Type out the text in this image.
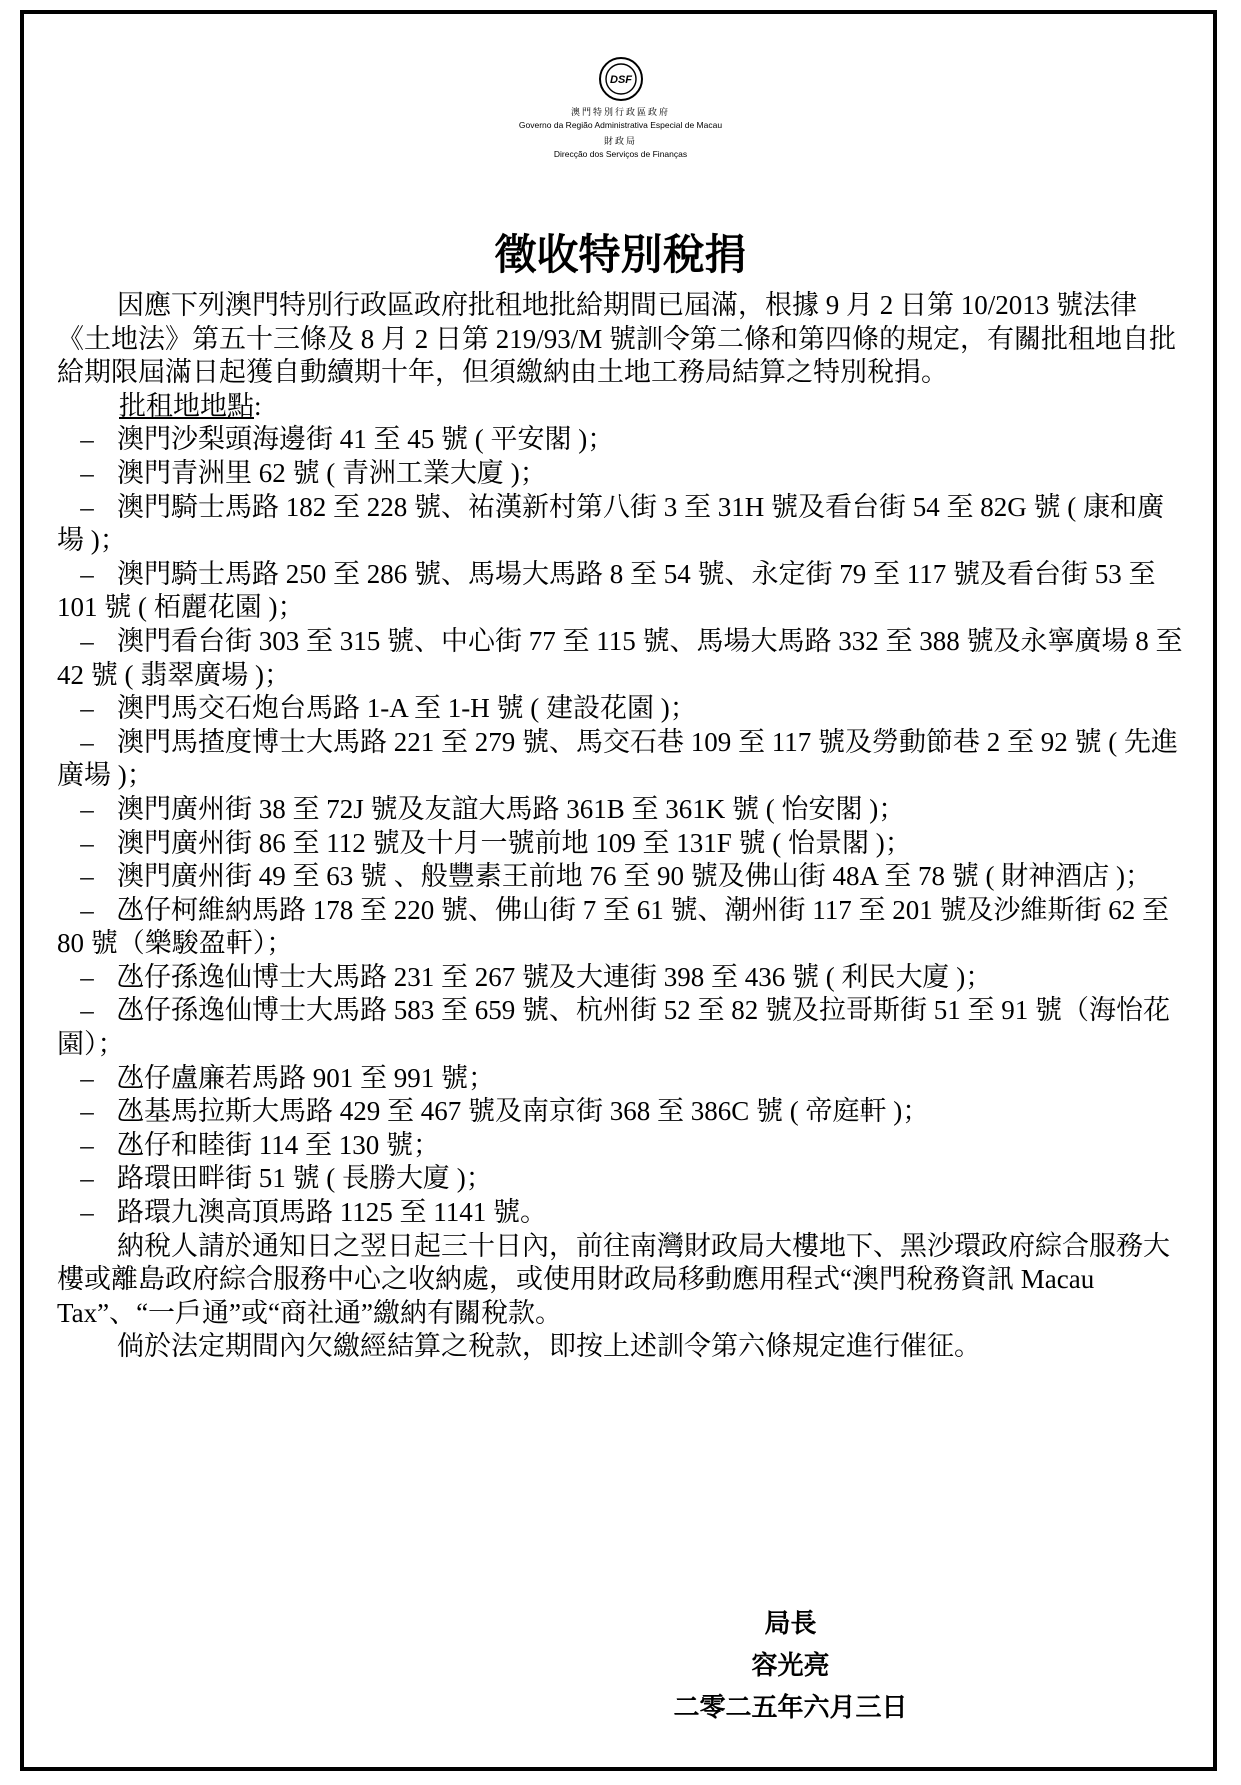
DSF
澳門特別行政區政府
Governo da Região Administrativa Especial de Macau
財政局
Direcção dos Serviços de Finanças
徵收特別稅捐

因應下列澳門特別行政區政府批租地批給期間已屆滿，根據 9 月 2 日第 10/2013 號法律《土地法》第五十三條及 8 月 2 日第 219/93/M 號訓令第二條和第四條的規定，有關批租地自批給期限屆滿日起獲自動續期十年，但須繳納由土地工務局結算之特別稅捐。

批租地地點:

– 澳門沙梨頭海邊街 41 至 45 號 ( 平安閣 )；

– 澳門青洲里 62 號 ( 青洲工業大廈 )；

– 澳門騎士馬路 182 至 228 號、祐漢新村第八街 3 至 31H 號及看台街 54 至 82G 號 ( 康和廣場 )；

– 澳門騎士馬路 250 至 286 號、馬場大馬路 8 至 54 號、永定街 79 至 117 號及看台街 53 至 101 號 ( 栢麗花園 )；

– 澳門看台街 303 至 315 號、中心街 77 至 115 號、馬場大馬路 332 至 388 號及永寧廣場 8 至 42 號 ( 翡翠廣場 )；

– 澳門馬交石炮台馬路 1-A 至 1-H 號 ( 建設花園 )；

– 澳門馬揸度博士大馬路 221 至 279 號、馬交石巷 109 至 117 號及勞動節巷 2 至 92 號 ( 先進廣場 )；

– 澳門廣州街 38 至 72J 號及友誼大馬路 361B 至 361K 號 ( 怡安閣 )；

– 澳門廣州街 86 至 112 號及十月一號前地 109 至 131F 號 ( 怡景閣 )；

– 澳門廣州街 49 至 63 號 、般豐素王前地 76 至 90 號及佛山街 48A 至 78 號 ( 財神酒店 )；

– 氹仔柯維納馬路 178 至 220 號、佛山街 7 至 61 號、潮州街 117 至 201 號及沙維斯街 62 至 80 號（樂駿盈軒）；

– 氹仔孫逸仙博士大馬路 231 至 267 號及大連街 398 至 436 號 ( 利民大廈 )；

– 氹仔孫逸仙博士大馬路 583 至 659 號、杭州街 52 至 82 號及拉哥斯街 51 至 91 號（海怡花園）；

– 氹仔盧廉若馬路 901 至 991 號；

– 氹基馬拉斯大馬路 429 至 467 號及南京街 368 至 386C 號 ( 帝庭軒 )；

– 氹仔和睦街 114 至 130 號；

– 路環田畔街 51 號 ( 長勝大廈 )；

– 路環九澳高頂馬路 1125 至 1141 號。

納稅人請於通知日之翌日起三十日內，前往南灣財政局大樓地下、黑沙環政府綜合服務大樓或離島政府綜合服務中心之收納處，或使用財政局移動應用程式“澳門稅務資訊 Macau Tax”、“一戶通”或“商社通”繳納有關稅款。

倘於法定期間內欠繳經結算之稅款，即按上述訓令第六條規定進行催征。

局長
容光亮
二零二五年六月三日
